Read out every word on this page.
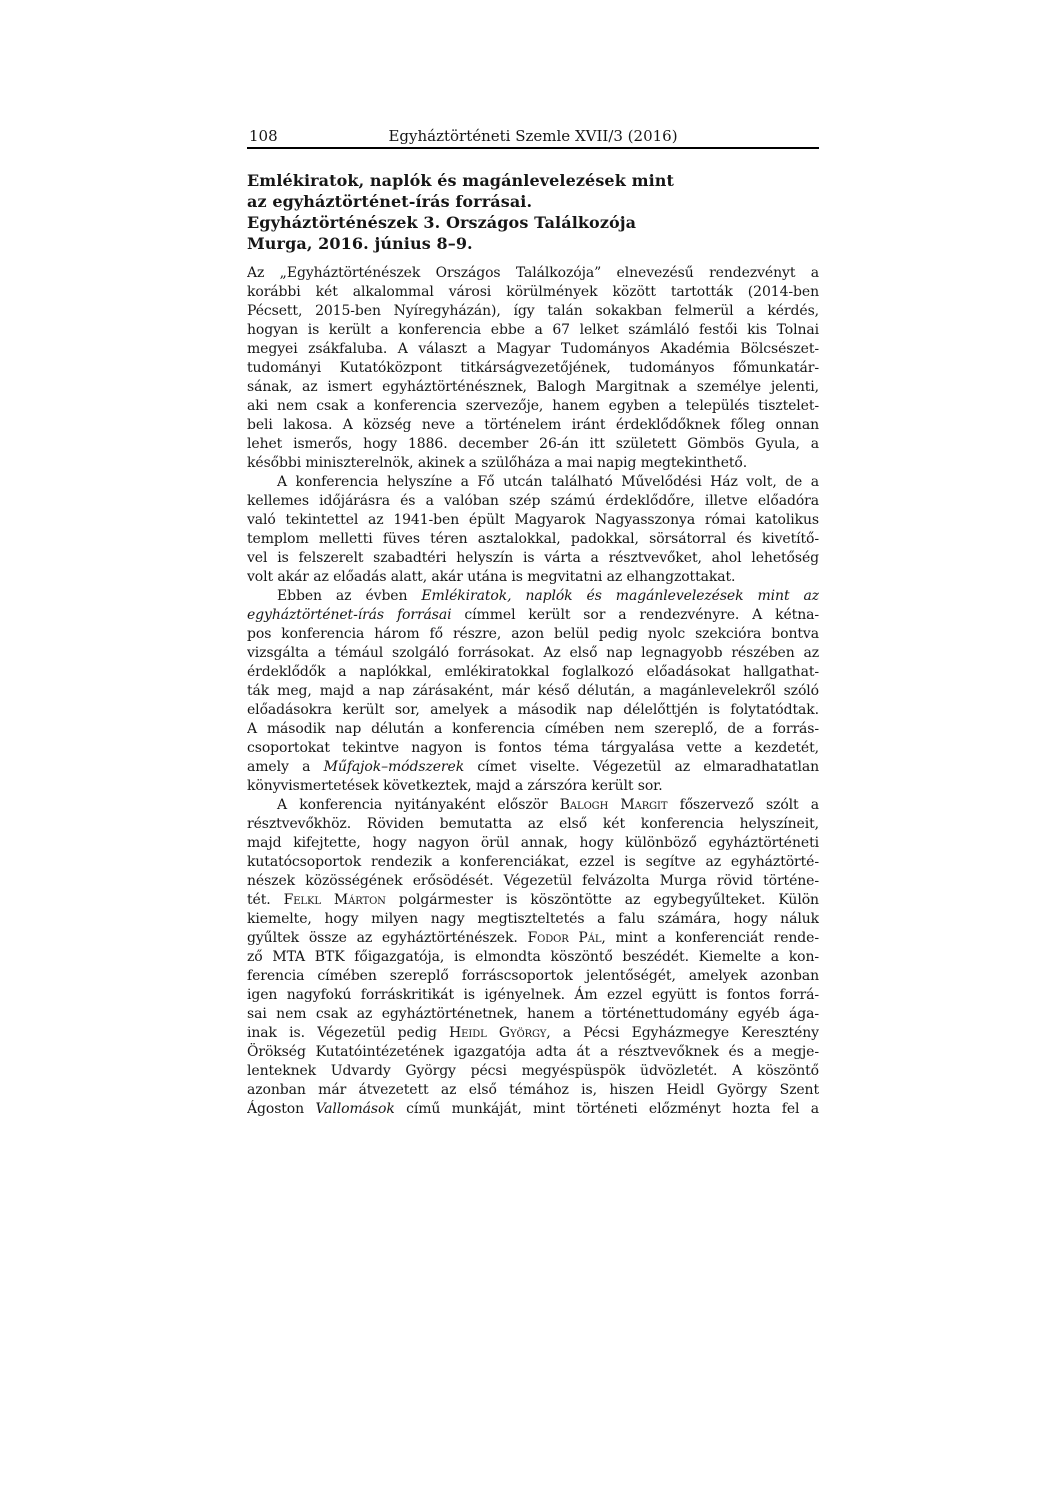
108	Egyháztörténeti Szemle XVII/3 (2016)
Emlékiratok, naplók és magánlevelezések mint
az egyháztörténet-írás forrásai.
Egyháztörténészek 3. Országos Találkozója
Murga, 2016. június 8–9.
Az „Egyháztörténészek Országos Találkozója” elnevezésű rendezvényt a
korábbi két alkalommal városi körülmények között tartották (2014-ben
Pécsett, 2015-ben Nyíregyházán), így talán sokakban felmerül a kérdés,
hogyan is került a konferencia ebbe a 67 lelket számláló festői kis Tolnai
megyei zsákfaluba. A választ a Magyar Tudományos Akadémia Bölcsészet-
tudományi Kutatóközpont titkárságvezetőjének, tudományos főmunkatár-
sának, az ismert egyháztörténésznek, Balogh Margitnak a személye jelenti,
aki nem csak a konferencia szervezője, hanem egyben a település tisztelet-
beli lakosa. A község neve a történelem iránt érdeklődőknek főleg onnan
lehet ismerős, hogy 1886. december 26-án itt született Gömbös Gyula, a
későbbi miniszterelnök, akinek a szülőháza a mai napig megtekinthető.
A konferencia helyszíne a Fő utcán található Művelődési Ház volt, de a
kellemes időjárásra és a valóban szép számú érdeklődőre, illetve előadóra
való tekintettel az 1941-ben épült Magyarok Nagyasszonya római katolikus
templom melletti füves téren asztalokkal, padokkal, sörsátorral és kivetítő-
vel is felszerelt szabadtéri helyszín is várta a résztvevőket, ahol lehetőség
volt akár az előadás alatt, akár utána is megvitatni az elhangzottakat.
Ebben az évben Emlékiratok, naplók és magánlevelezések mint az
egyháztörténet-írás forrásai címmel került sor a rendezvényre. A kétna-
pos konferencia három fő részre, azon belül pedig nyolc szekcióra bontva
vizsgálta a témául szolgáló forrásokat. Az első nap legnagyobb részében az
érdeklődők a naplókkal, emlékiratokkal foglalkozó előadásokat hallgathat-
ták meg, majd a nap zárásaként, már késő délután, a magánlevelekről szóló
előadásokra került sor, amelyek a második nap délelőttjén is folytatódtak.
A második nap délután a konferencia címében nem szereplő, de a forrás-
csoportokat tekintve nagyon is fontos téma tárgyalása vette a kezdetét,
amely a Műfajok–módszerek címet viselte. Végezetül az elmaradhatatlan
könyvismertetések következtek, majd a zárszóra került sor.
A konferencia nyitányaként először Balogh Margit főszervező szólt a
résztvevőkhöz. Röviden bemutatta az első két konferencia helyszíneit,
majd kifejtette, hogy nagyon örül annak, hogy különböző egyháztörténeti
kutatócsoportok rendezik a konferenciákat, ezzel is segítve az egyháztörté-
nészek közösségének erősödését. Végezetül felvázolta Murga rövid történe-
tét. Felkl Márton polgármester is köszöntötte az egybegyűlteket. Külön
kiemelte, hogy milyen nagy megtiszteltetés a falu számára, hogy náluk
gyűltek össze az egyháztörténészek. Fodor Pál, mint a konferenciát rende-
ző MTA BTK főigazgatója, is elmondta köszöntő beszédét. Kiemelte a kon-
ferencia címében szereplő forráscsoportok jelentőségét, amelyek azonban
igen nagyfokú forráskritikát is igényelnek. Ám ezzel együtt is fontos forrá-
sai nem csak az egyháztörténetnek, hanem a történettudomány egyéb ága-
inak is. Végezetül pedig Heidl György, a Pécsi Egyházmegye Keresztény
Örökség Kutatóintézetének igazgatója adta át a résztvevőknek és a megje-
lenteknek Udvardy György pécsi megyéspüspök üdvözletét. A köszöntő
azonban már átvezetett az első témához is, hiszen Heidl György Szent
Ágoston Vallomások című munkáját, mint történeti előzményt hozta fel a
